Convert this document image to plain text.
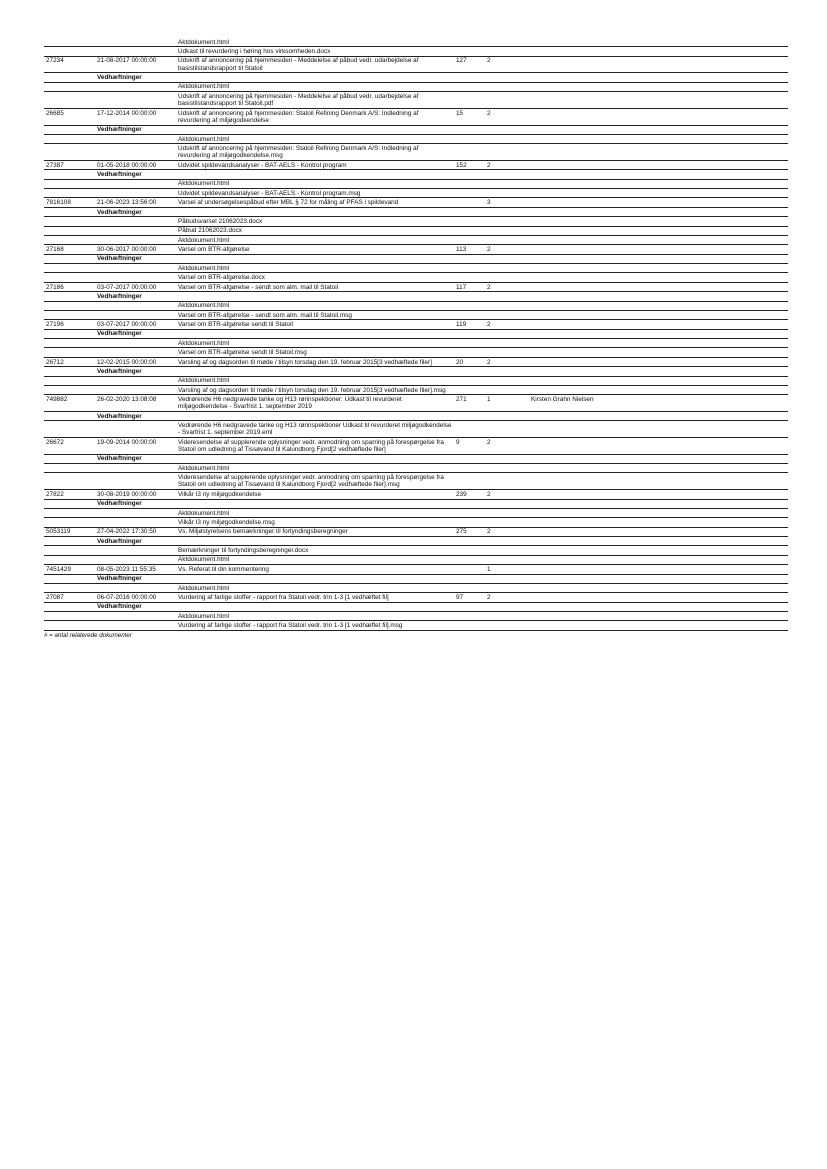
		Aktdokument.html			
		Udkast til revurdering i høring hos virksomheden.docx			
27234	21-08-2017 00:00:00	Udskrift af annoncering på hjemmesiden - Meddelelse af påbud vedr. udarbejdelse af basistilstandsrapport til Statoil	127	2	
	Vedhæftninger				
		Aktdokument.html			
		Udskrift af annoncering på hjemmesiden - Meddelelse af påbud vedr. udarbejdelse af basistilstandsrapport til Statoil.pdf			
26685	17-12-2014 00:00:00	Udskrift af annoncering på hjemmesiden: Statoil Refining Denmark A/S: Indledning af revurdering af miljøgodkendelse	15	2	
	Vedhæftninger				
		Aktdokument.html			
		Udskrift af annoncering på hjemmesiden: Statoil Refining Denmark A/S: Indledning af revurdering af miljøgodkendelse.msg			
27387	01-05-2018 00:00:00	Udvidet spildevandsanalyser - BAT-AELS - Kontrol program	152	2	
	Vedhæftninger				
		Aktdokument.html			
		Udvidet spildevandsanalyser - BAT-AELS - Kontrol program.msg			
7816108	21-06-2023 13:56:00	Varsel af undersøgelsespåbud efter MBL § 72 for måling af PFAS i spildevand		3	
	Vedhæftninger				
		Påbudsvarsel 21062023.docx			
		Påbud 21062023.docx			
		Aktdokument.html			
27168	30-06-2017 00:00:00	Varsel om BTR-afgørelse	113	2	
	Vedhæftninger				
		Aktdokument.html			
		Varsel om BTR-afgørelse.docx			
27186	03-07-2017 00:00:00	Varsel om BTR-afgørelse - sendt som alm. mail til Statoil	117	2	
	Vedhæftninger				
		Aktdokument.html			
		Varsel om BTR-afgørelse - sendt som alm. mail til Statoil.msg			
27196	03-07-2017 00:00:00	Varsel om BTR-afgørelse sendt til Statoil	119	2	
	Vedhæftninger				
		Aktdokument.html			
		Varsel om BTR-afgørelse sendt til Statoil.msg			
26712	12-02-2015 00:00:00	Varsling af og dagsorden til møde / tilsyn torsdag den 19. februar 2015[3 vedhæftede filer]	20	2	
	Vedhæftninger				
		Aktdokument.html			
		Varsling af og dagsorden til møde / tilsyn torsdag den 19. februar 2015[3 vedhæftede filer].msg			
749882	26-02-2020 13:08:08	Vedrørende H6 nedgravede tanke og H13 rørinspektioner: Udkast til revurderet miljøgodkendelse - Svarfrist 1. september 2019	271	1	Kirsten Grahn Nielsen
	Vedhæftninger				
		Vedrørende H6 nedgravede tanke og H13 rørinspektioner Udkast til revurderet miljøgodkendelse - Svarfrist 1. september 2019.eml			
26672	19-09-2014 00:00:00	Videresendelse af supplerende oplysninger vedr. anmodning om sparring på forespørgelse fra Statoil om udledning af Tissøvand til Kalundborg Fjord[2 vedhæftede filer]	9	2	
	Vedhæftninger				
		Aktdokument.html			
		Videresendelse af supplerende oplysninger vedr. anmodning om sparring på forespørgelse fra Statoil om udledning af Tissøvand til Kalundborg Fjord[2 vedhæftede filer].msg			
27822	30-08-2019 00:00:00	Vilkår I3 ny miljøgodkendelse	239	2	
	Vedhæftninger				
		Aktdokument.html			
		Vilkår I3 ny miljøgodkendelse.msg			
5053119	27-04-2022 17:30:50	Vs. Miljøstyrelsens bemærkninger til fortyndingsberegninger	275	2	
	Vedhæftninger				
		Bemærkninger til fortyndingsberegninger.docx			
		Aktdokument.html			
7451429	08-05-2023 11:55:35	Vs. Referat til din kommentering		1	
	Vedhæftninger				
		Aktdokument.html			
27087	06-07-2016 00:00:00	Vurdering af farlige stoffer - rapport fra Statoil vedr. trin 1-3 [1 vedhæftet fil]	97	2	
	Vedhæftninger				
		Aktdokument.html			
		Vurdering af farlige stoffer - rapport fra Statoil vedr. trin 1-3 [1 vedhæftet fil].msg			
# = antal relaterede dokumenter
